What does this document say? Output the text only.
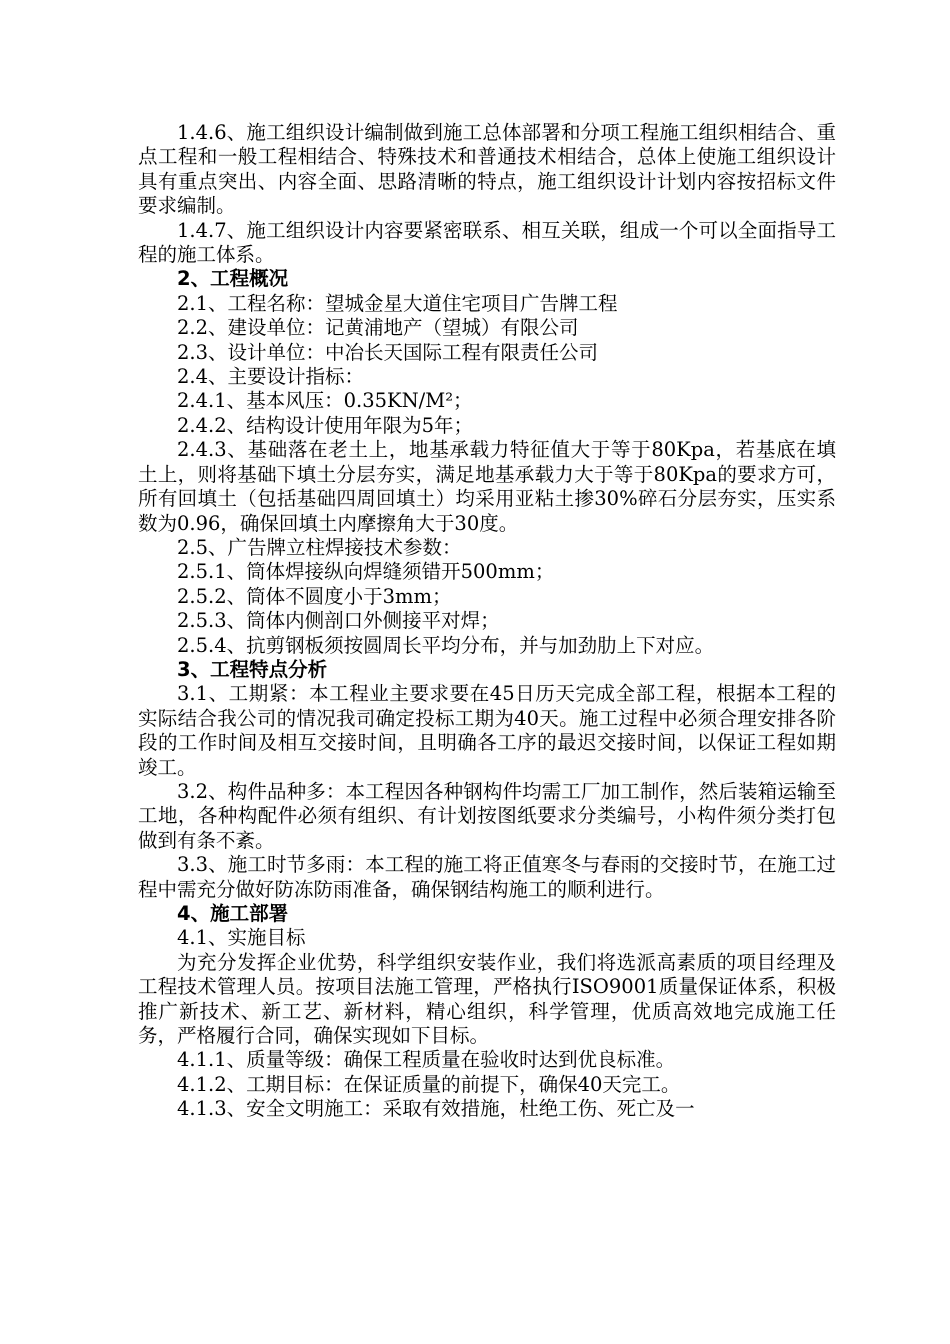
1.4.6、施工组织设计编制做到施工总体部署和分项工程施工组织相结合、重点工程和一般工程相结合、特殊技术和普通技术相结合，总体上使施工组织设计具有重点突出、内容全面、思路清晰的特点，施工组织设计计划内容按招标文件要求编制。

1.4.7、施工组织设计内容要紧密联系、相互关联，组成一个可以全面指导工程的施工体系。

2、工程概况

2.1、工程名称：望城金星大道住宅项目广告牌工程

2.2、建设单位：记黄浦地产（望城）有限公司

2.3、设计单位：中冶长天国际工程有限责任公司

2.4、主要设计指标：

2.4.1、基本风压：0.35KN/M²；

2.4.2、结构设计使用年限为5年；

2.4.3、基础落在老土上，地基承载力特征值大于等于80Kpa，若基底在填土上，则将基础下填土分层夯实，满足地基承载力大于等于80Kpa的要求方可，所有回填土（包括基础四周回填土）均采用亚粘土掺30%碎石分层夯实，压实系数为0.96，确保回填土内摩擦角大于30度。

2.5、广告牌立柱焊接技术参数：

2.5.1、筒体焊接纵向焊缝须错开500mm；

2.5.2、筒体不圆度小于3mm；

2.5.3、筒体内侧剖口外侧接平对焊；

2.5.4、抗剪钢板须按圆周长平均分布，并与加劲肋上下对应。

3、工程特点分析

3.1、工期紧：本工程业主要求要在45日历天完成全部工程，根据本工程的实际结合我公司的情况我司确定投标工期为40天。施工过程中必须合理安排各阶段的工作时间及相互交接时间，且明确各工序的最迟交接时间，以保证工程如期竣工。

3.2、构件品种多：本工程因各种钢构件均需工厂加工制作，然后装箱运输至工地，各种构配件必须有组织、有计划按图纸要求分类编号，小构件须分类打包做到有条不紊。

3.3、施工时节多雨：本工程的施工将正值寒冬与春雨的交接时节，在施工过程中需充分做好防冻防雨准备，确保钢结构施工的顺利进行。

4、施工部署

4.1、实施目标

为充分发挥企业优势，科学组织安装作业，我们将选派高素质的项目经理及工程技术管理人员。按项目法施工管理，严格执行ISO9001质量保证体系，积极推广新技术、新工艺、新材料，精心组织，科学管理，优质高效地完成施工任务，严格履行合同，确保实现如下目标。

4.1.1、质量等级：确保工程质量在验收时达到优良标准。

4.1.2、工期目标：在保证质量的前提下，确保40天完工。

4.1.3、安全文明施工：采取有效措施，杜绝工伤、死亡及一
